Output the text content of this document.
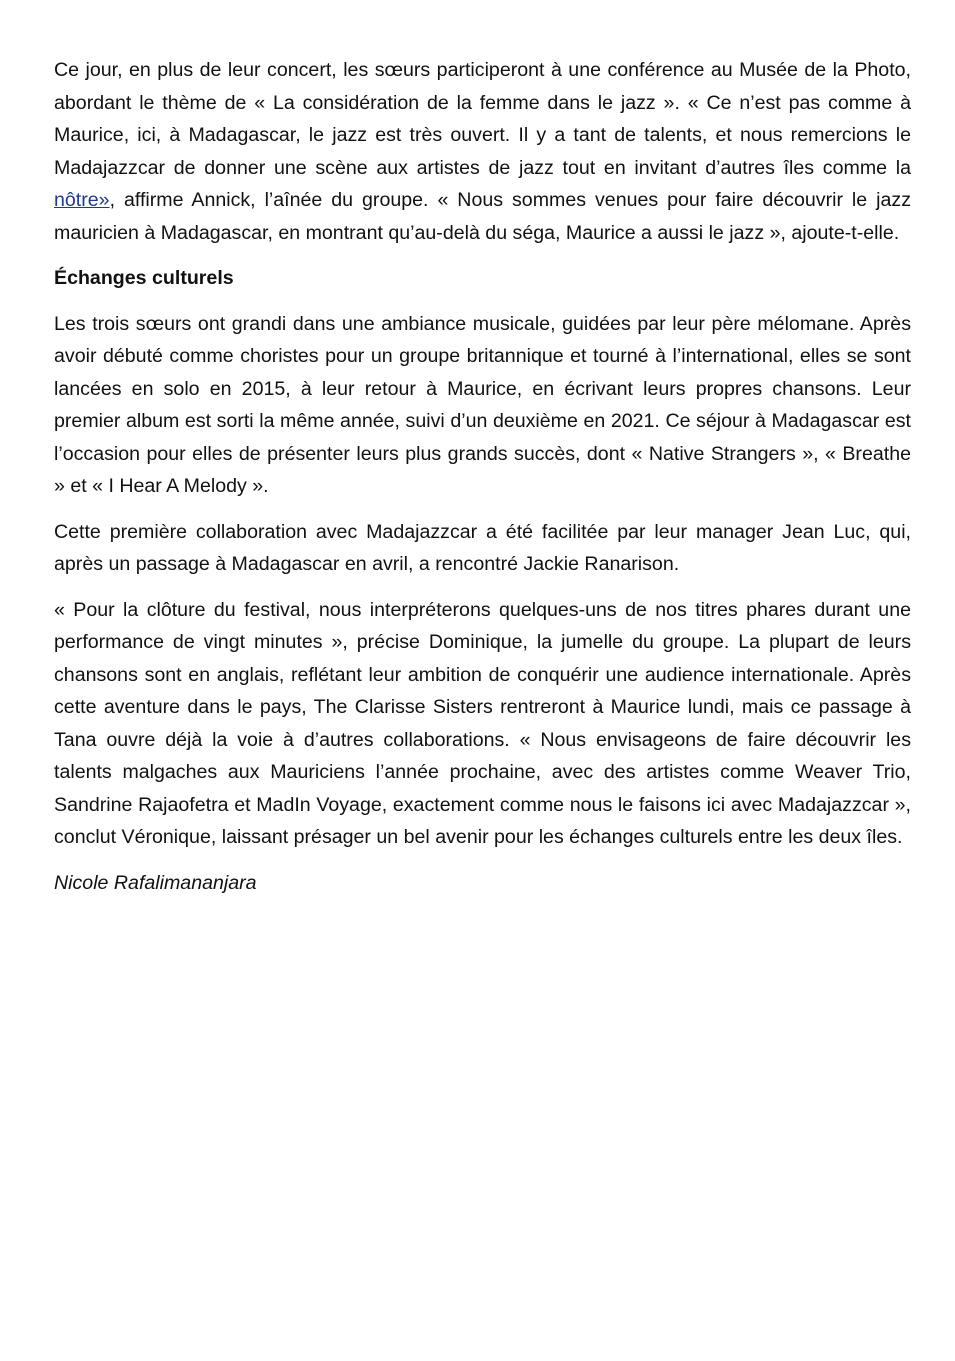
Ce jour, en plus de leur concert, les sœurs participeront à une conférence au Musée de la Photo, abordant le thème de « La considération de la femme dans le jazz ». « Ce n’est pas comme à Maurice, ici, à Madagascar, le jazz est très ouvert. Il y a tant de talents, et nous remercions le Madajazzcar de donner une scène aux artistes de jazz tout en invitant d’autres îles comme la nôtre», affirme Annick, l’aînée du groupe. « Nous sommes venues pour faire découvrir le jazz mauricien à Madagascar, en montrant qu’au-delà du séga, Maurice a aussi le jazz », ajoute-t-elle.

Échanges culturels

Les trois sœurs ont grandi dans une ambiance musicale, guidées par leur père mélomane. Après avoir débuté comme choristes pour un groupe britannique et tourné à l’international, elles se sont lancées en solo en 2015, à leur retour à Maurice, en écrivant leurs propres chansons. Leur premier album est sorti la même année, suivi d’un deuxième en 2021. Ce séjour à Madagascar est l’occasion pour elles de présenter leurs plus grands succès, dont « Native Strangers », « Breathe » et « I Hear A Melody ».

Cette première collaboration avec Madajazzcar a été facilitée par leur manager Jean Luc, qui, après un passage à Madagascar en avril, a rencontré Jackie Ranarison.

« Pour la clôture du festival, nous interpréterons quelques-uns de nos titres phares durant une performance de vingt minutes », précise Dominique, la jumelle du groupe. La plupart de leurs chansons sont en anglais, reflétant leur ambition de conquérir une audience internationale. Après cette aventure dans le pays, The Clarisse Sisters rentreront à Maurice lundi, mais ce passage à Tana ouvre déjà la voie à d’autres collaborations. « Nous envisageons de faire découvrir les talents malgaches aux Mauriciens l’année prochaine, avec des artistes comme Weaver Trio, Sandrine Rajaofetra et MadIn Voyage, exactement comme nous le faisons ici avec Madajazzcar », conclut Véronique, laissant présager un bel avenir pour les échanges culturels entre les deux îles.

Nicole Rafalimananjara
